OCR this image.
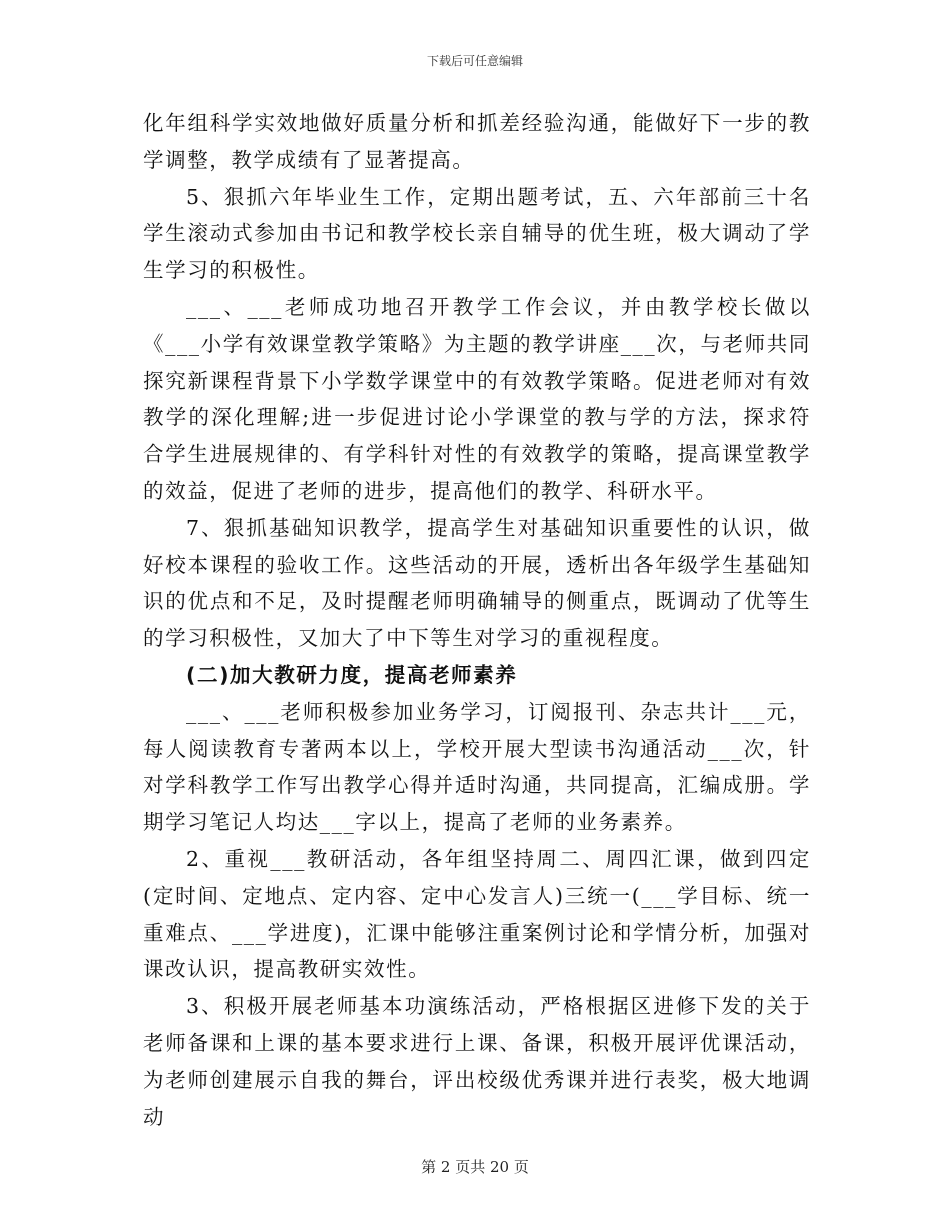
下载后可任意编辑

化年组科学实效地做好质量分析和抓差经验沟通，能做好下一步的教学调整，教学成绩有了显著提高。

5、狠抓六年毕业生工作，定期出题考试，五、六年部前三十名学生滚动式参加由书记和教学校长亲自辅导的优生班，极大调动了学生学习的积极性。

___、___老师成功地召开教学工作会议，并由教学校长做以《___小学有效课堂教学策略》为主题的教学讲座___次，与老师共同探究新课程背景下小学数学课堂中的有效教学策略。促进老师对有效教学的深化理解;进一步促进讨论小学课堂的教与学的方法，探求符合学生进展规律的、有学科针对性的有效教学的策略，提高课堂教学的效益，促进了老师的进步，提高他们的教学、科研水平。

7、狠抓基础知识教学，提高学生对基础知识重要性的认识，做好校本课程的验收工作。这些活动的开展，透析出各年级学生基础知识的优点和不足，及时提醒老师明确辅导的侧重点，既调动了优等生的学习积极性，又加大了中下等生对学习的重视程度。

(二)加大教研力度，提高老师素养

___、___老师积极参加业务学习，订阅报刊、杂志共计___元，每人阅读教育专著两本以上，学校开展大型读书沟通活动___次，针对学科教学工作写出教学心得并适时沟通，共同提高，汇编成册。学期学习笔记人均达___字以上，提高了老师的业务素养。

2、重视___教研活动，各年组坚持周二、周四汇课，做到四定(定时间、定地点、定内容、定中心发言人)三统一(___学目标、统一重难点、___学进度)，汇课中能够注重案例讨论和学情分析，加强对课改认识，提高教研实效性。

3、积极开展老师基本功演练活动，严格根据区进修下发的关于老师备课和上课的基本要求进行上课、备课，积极开展评优课活动，为老师创建展示自我的舞台，评出校级优秀课并进行表奖，极大地调动

第 2 页共 20 页
